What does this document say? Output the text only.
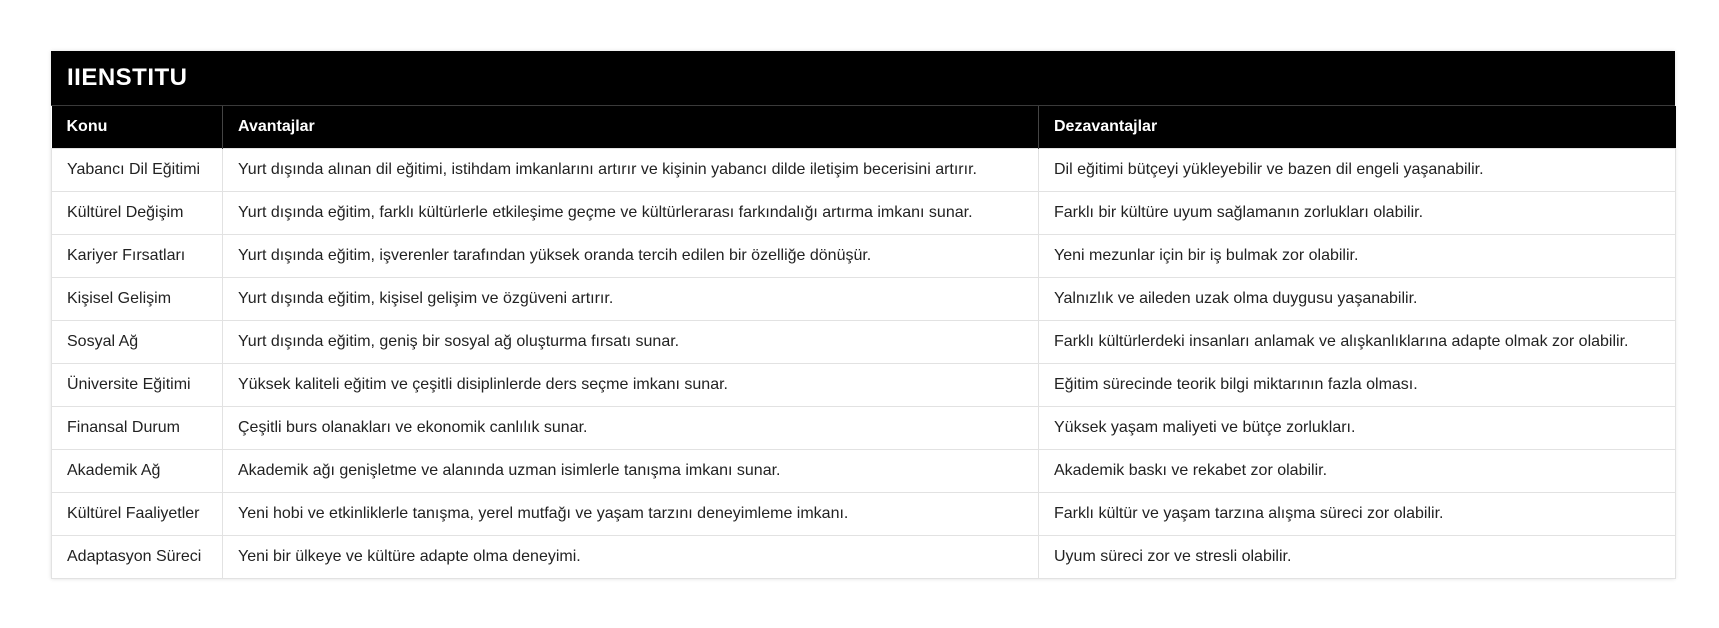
IIENSTITU
Konu	Avantajlar	Dezavantajlar
Yabancı Dil Eğitimi	Yurt dışında alınan dil eğitimi, istihdam imkanlarını artırır ve kişinin yabancı dilde iletişim becerisini artırır.	Dil eğitimi bütçeyi yükleyebilir ve bazen dil engeli yaşanabilir.
Kültürel Değişim	Yurt dışında eğitim, farklı kültürlerle etkileşime geçme ve kültürlerarası farkındalığı artırma imkanı sunar.	Farklı bir kültüre uyum sağlamanın zorlukları olabilir.
Kariyer Fırsatları	Yurt dışında eğitim, işverenler tarafından yüksek oranda tercih edilen bir özelliğe dönüşür.	Yeni mezunlar için bir iş bulmak zor olabilir.
Kişisel Gelişim	Yurt dışında eğitim, kişisel gelişim ve özgüveni artırır.	Yalnızlık ve aileden uzak olma duygusu yaşanabilir.
Sosyal Ağ	Yurt dışında eğitim, geniş bir sosyal ağ oluşturma fırsatı sunar.	Farklı kültürlerdeki insanları anlamak ve alışkanlıklarına adapte olmak zor olabilir.
Üniversite Eğitimi	Yüksek kaliteli eğitim ve çeşitli disiplinlerde ders seçme imkanı sunar.	Eğitim sürecinde teorik bilgi miktarının fazla olması.
Finansal Durum	Çeşitli burs olanakları ve ekonomik canlılık sunar.	Yüksek yaşam maliyeti ve bütçe zorlukları.
Akademik Ağ	Akademik ağı genişletme ve alanında uzman isimlerle tanışma imkanı sunar.	Akademik baskı ve rekabet zor olabilir.
Kültürel Faaliyetler	Yeni hobi ve etkinliklerle tanışma, yerel mutfağı ve yaşam tarzını deneyimleme imkanı.	Farklı kültür ve yaşam tarzına alışma süreci zor olabilir.
Adaptasyon Süreci	Yeni bir ülkeye ve kültüre adapte olma deneyimi.	Uyum süreci zor ve stresli olabilir.
